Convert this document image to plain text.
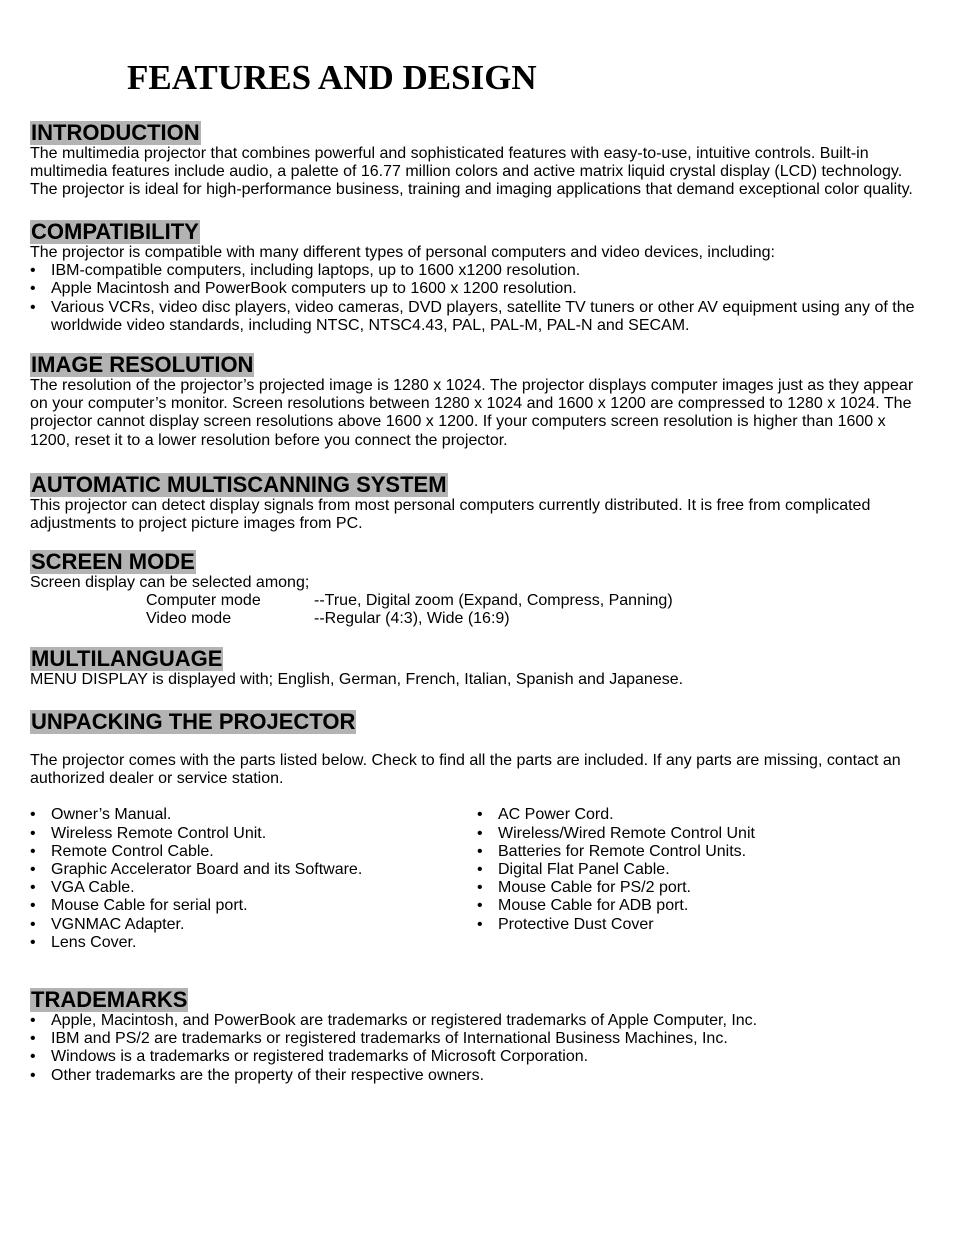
FEATURES AND DESIGN
INTRODUCTION

The multimedia projector that combines powerful and sophisticated features with easy-to-use, intuitive controls. Built-in multimedia features include audio, a palette of 16.77 million colors and active matrix liquid crystal display (LCD) technology. The projector is ideal for high-performance business, training and imaging applications that demand exceptional color quality.

COMPATIBILITY

The projector is compatible with many different types of personal computers and video devices, including:

• IBM-compatible computers, including laptops, up to 1600 x1200 resolution.
• Apple Macintosh and PowerBook computers up to 1600 x 1200 resolution.
• Various VCRs, video disc players, video cameras, DVD players, satellite TV tuners or other AV equipment using any of the worldwide video standards, including NTSC, NTSC4.43, PAL, PAL-M, PAL-N and SECAM.
IMAGE RESOLUTION

The resolution of the projector’s projected image is 1280 x 1024. The projector displays computer images just as they appear on your computer’s monitor. Screen resolutions between 1280 x 1024 and 1600 x 1200 are compressed to 1280 x 1024. The projector cannot display screen resolutions above 1600 x 1200. If your computers screen resolution is higher than 1600 x 1200, reset it to a lower resolution before you connect the projector.

AUTOMATIC MULTISCANNING SYSTEM

This projector can detect display signals from most personal computers currently distributed. It is free from complicated adjustments to project picture images from PC.

SCREEN MODE

Screen display can be selected among;

Computer mode	--True, Digital zoom (Expand, Compress, Panning)
Video mode	--Regular (4:3), Wide (16:9)
MULTILANGUAGE

MENU DISPLAY is displayed with; English, German, French, Italian, Spanish and Japanese.

UNPACKING THE PROJECTOR

The projector comes with the parts listed below. Check to find all the parts are included. If any parts are missing, contact an authorized dealer or service station.

• Owner’s Manual.
• Wireless Remote Control Unit.
• Remote Control Cable.
• Graphic Accelerator Board and its Software.
• VGA Cable.
• Mouse Cable for serial port.
• VGNMAC Adapter.
• Lens Cover.
• AC Power Cord.
• Wireless/Wired Remote Control Unit
• Batteries for Remote Control Units.
• Digital Flat Panel Cable.
• Mouse Cable for PS/2 port.
• Mouse Cable for ADB port.
• Protective Dust Cover
TRADEMARKS
• Apple, Macintosh, and PowerBook are trademarks or registered trademarks of Apple Computer, Inc.
• IBM and PS/2 are trademarks or registered trademarks of International Business Machines, Inc.
• Windows is a trademarks or registered trademarks of Microsoft Corporation.
• Other trademarks are the property of their respective owners.
